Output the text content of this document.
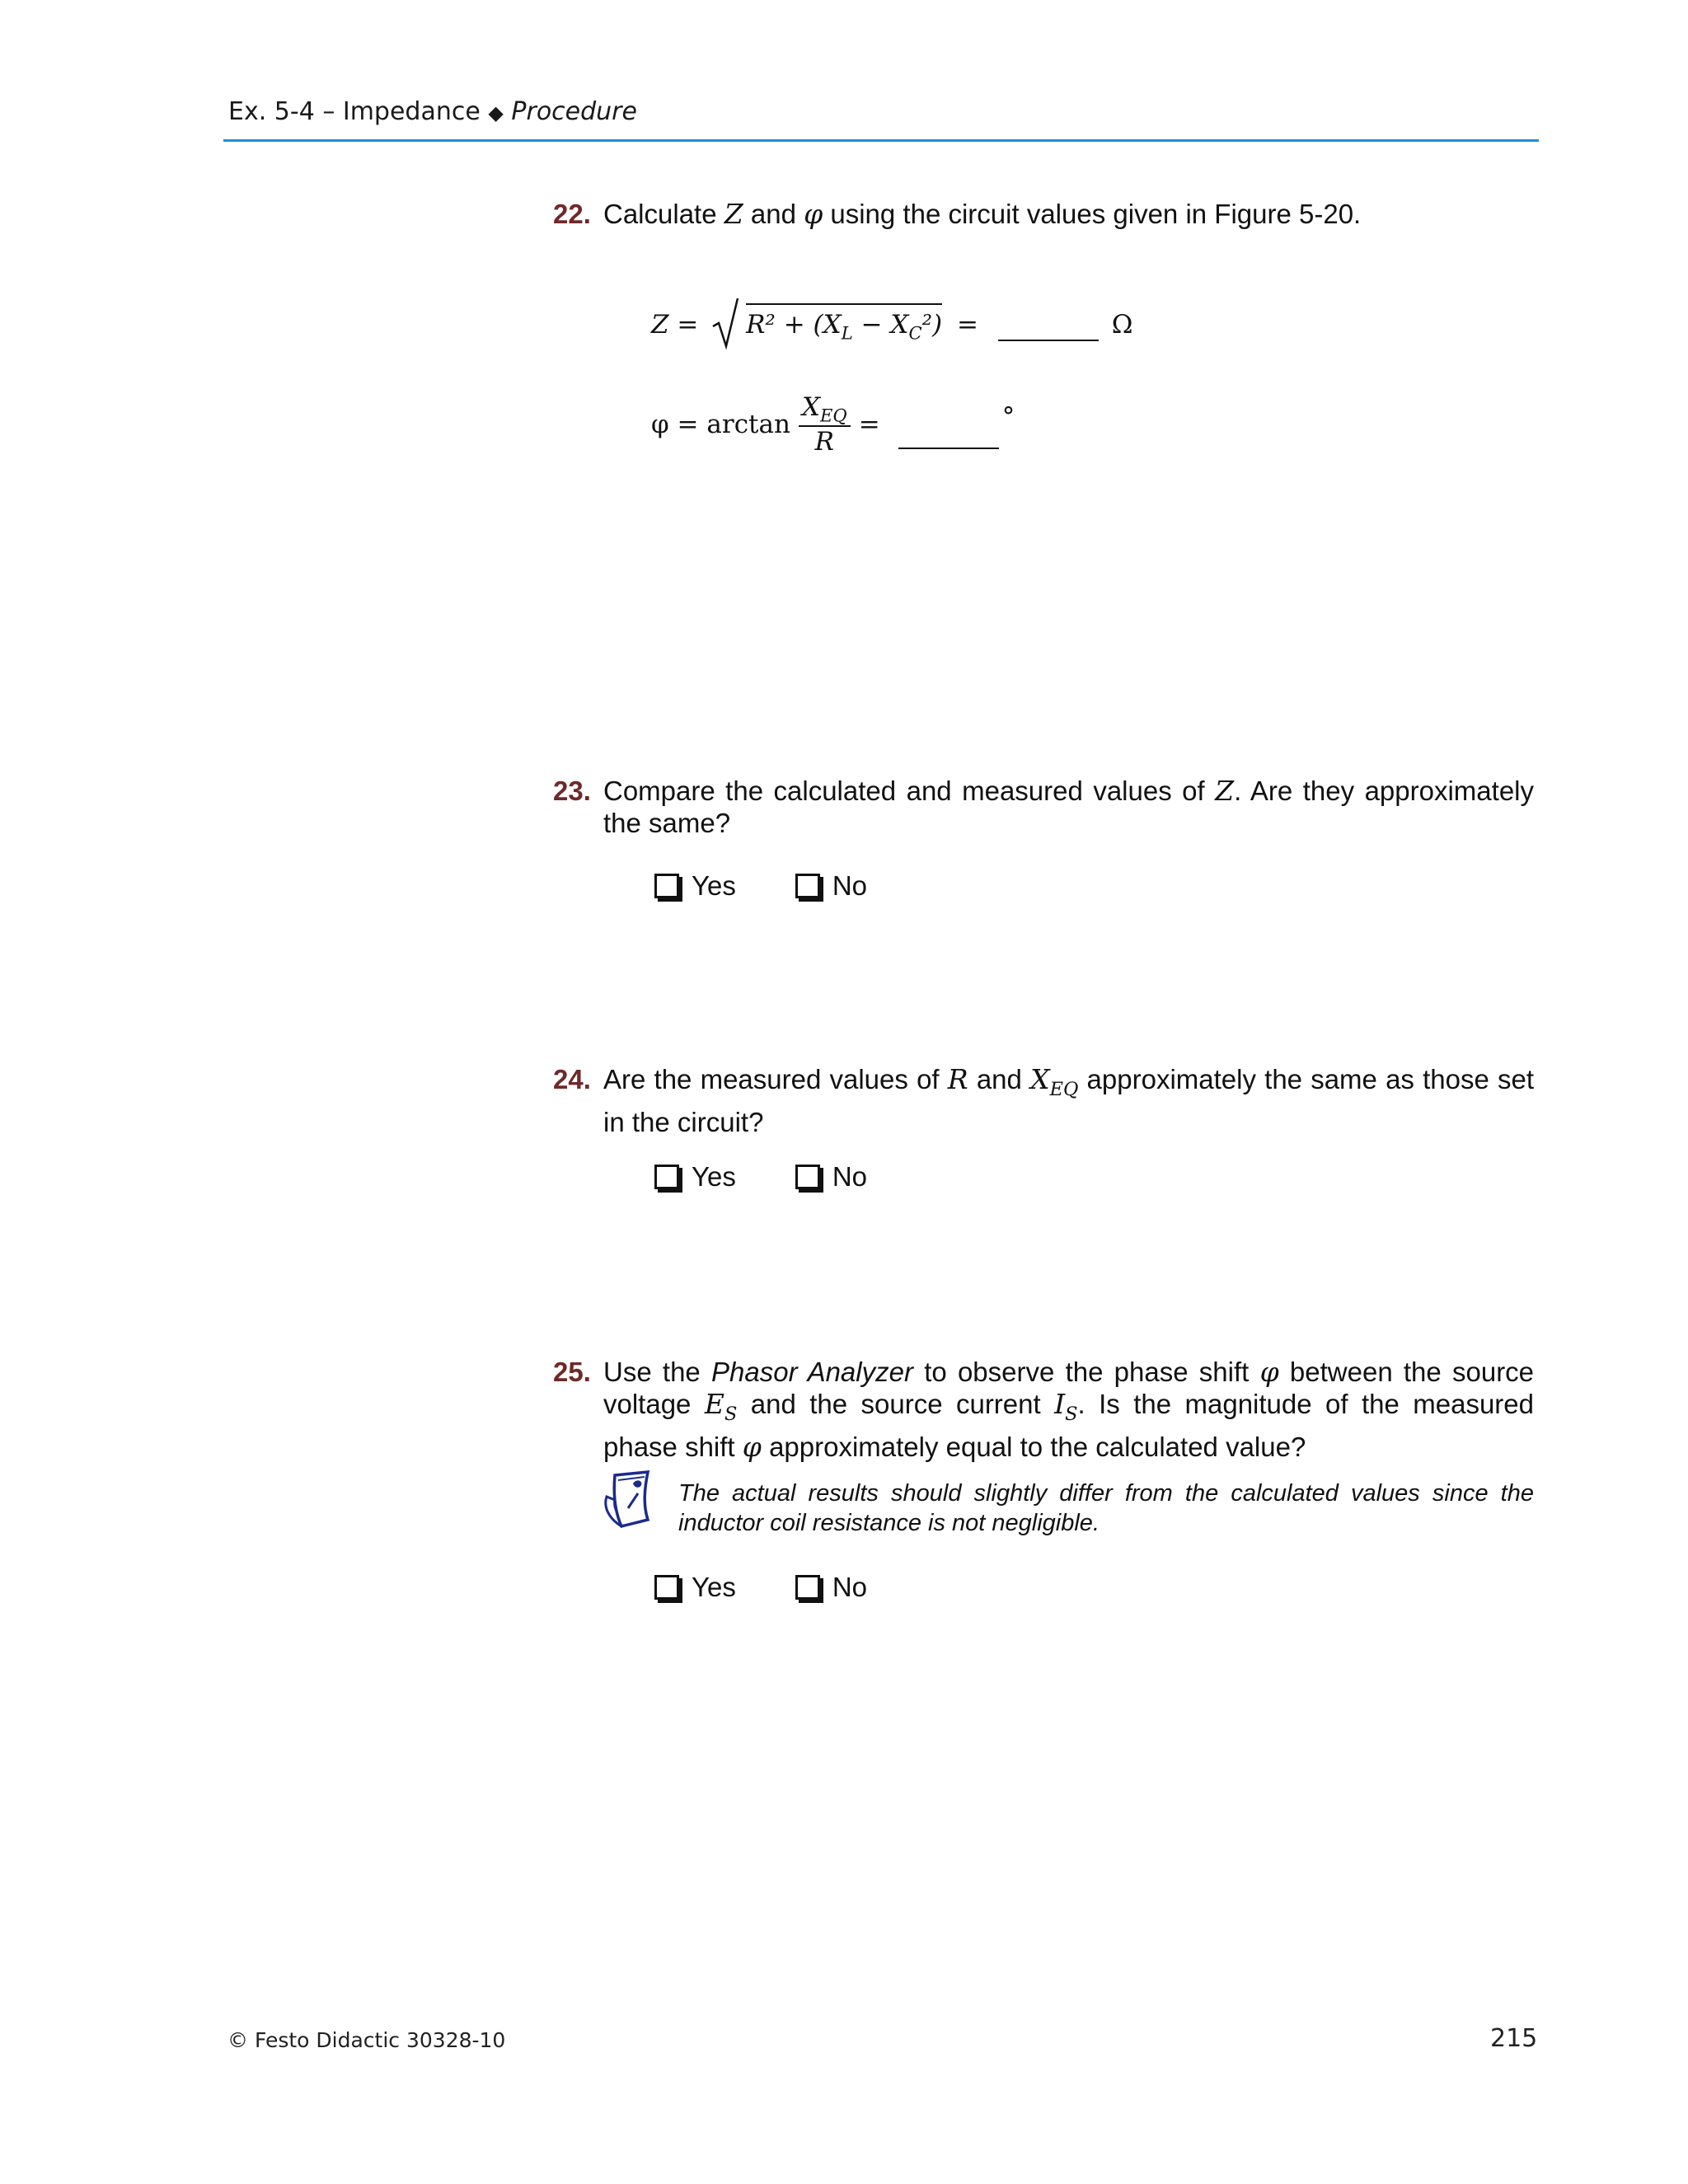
Ex. 5-4 – Impedance ◆ Procedure
22. Calculate Z and φ using the circuit values given in Figure 5-20.
$Z = R^2 + (X_L - X_C^2)$ =	Ω
φ = arctan
$X_{EQ}$
R
=
	°
23. Compare the calculated and measured values of Z. Are they approximately the same?
Yes	No
24. Are the measured values of R and $X_{EQ}$ approximately the same as those set in the circuit?
Yes	No
25. Use the Phasor Analyzer to observe the phase shift φ between the source voltage $E_S$ and the source current $I_S$. Is the magnitude of the measured phase shift φ approximately equal to the calculated value?
The actual results should slightly differ from the calculated values since the inductor coil resistance is not negligible.
Yes	No
© Festo Didactic 30328-10	215
